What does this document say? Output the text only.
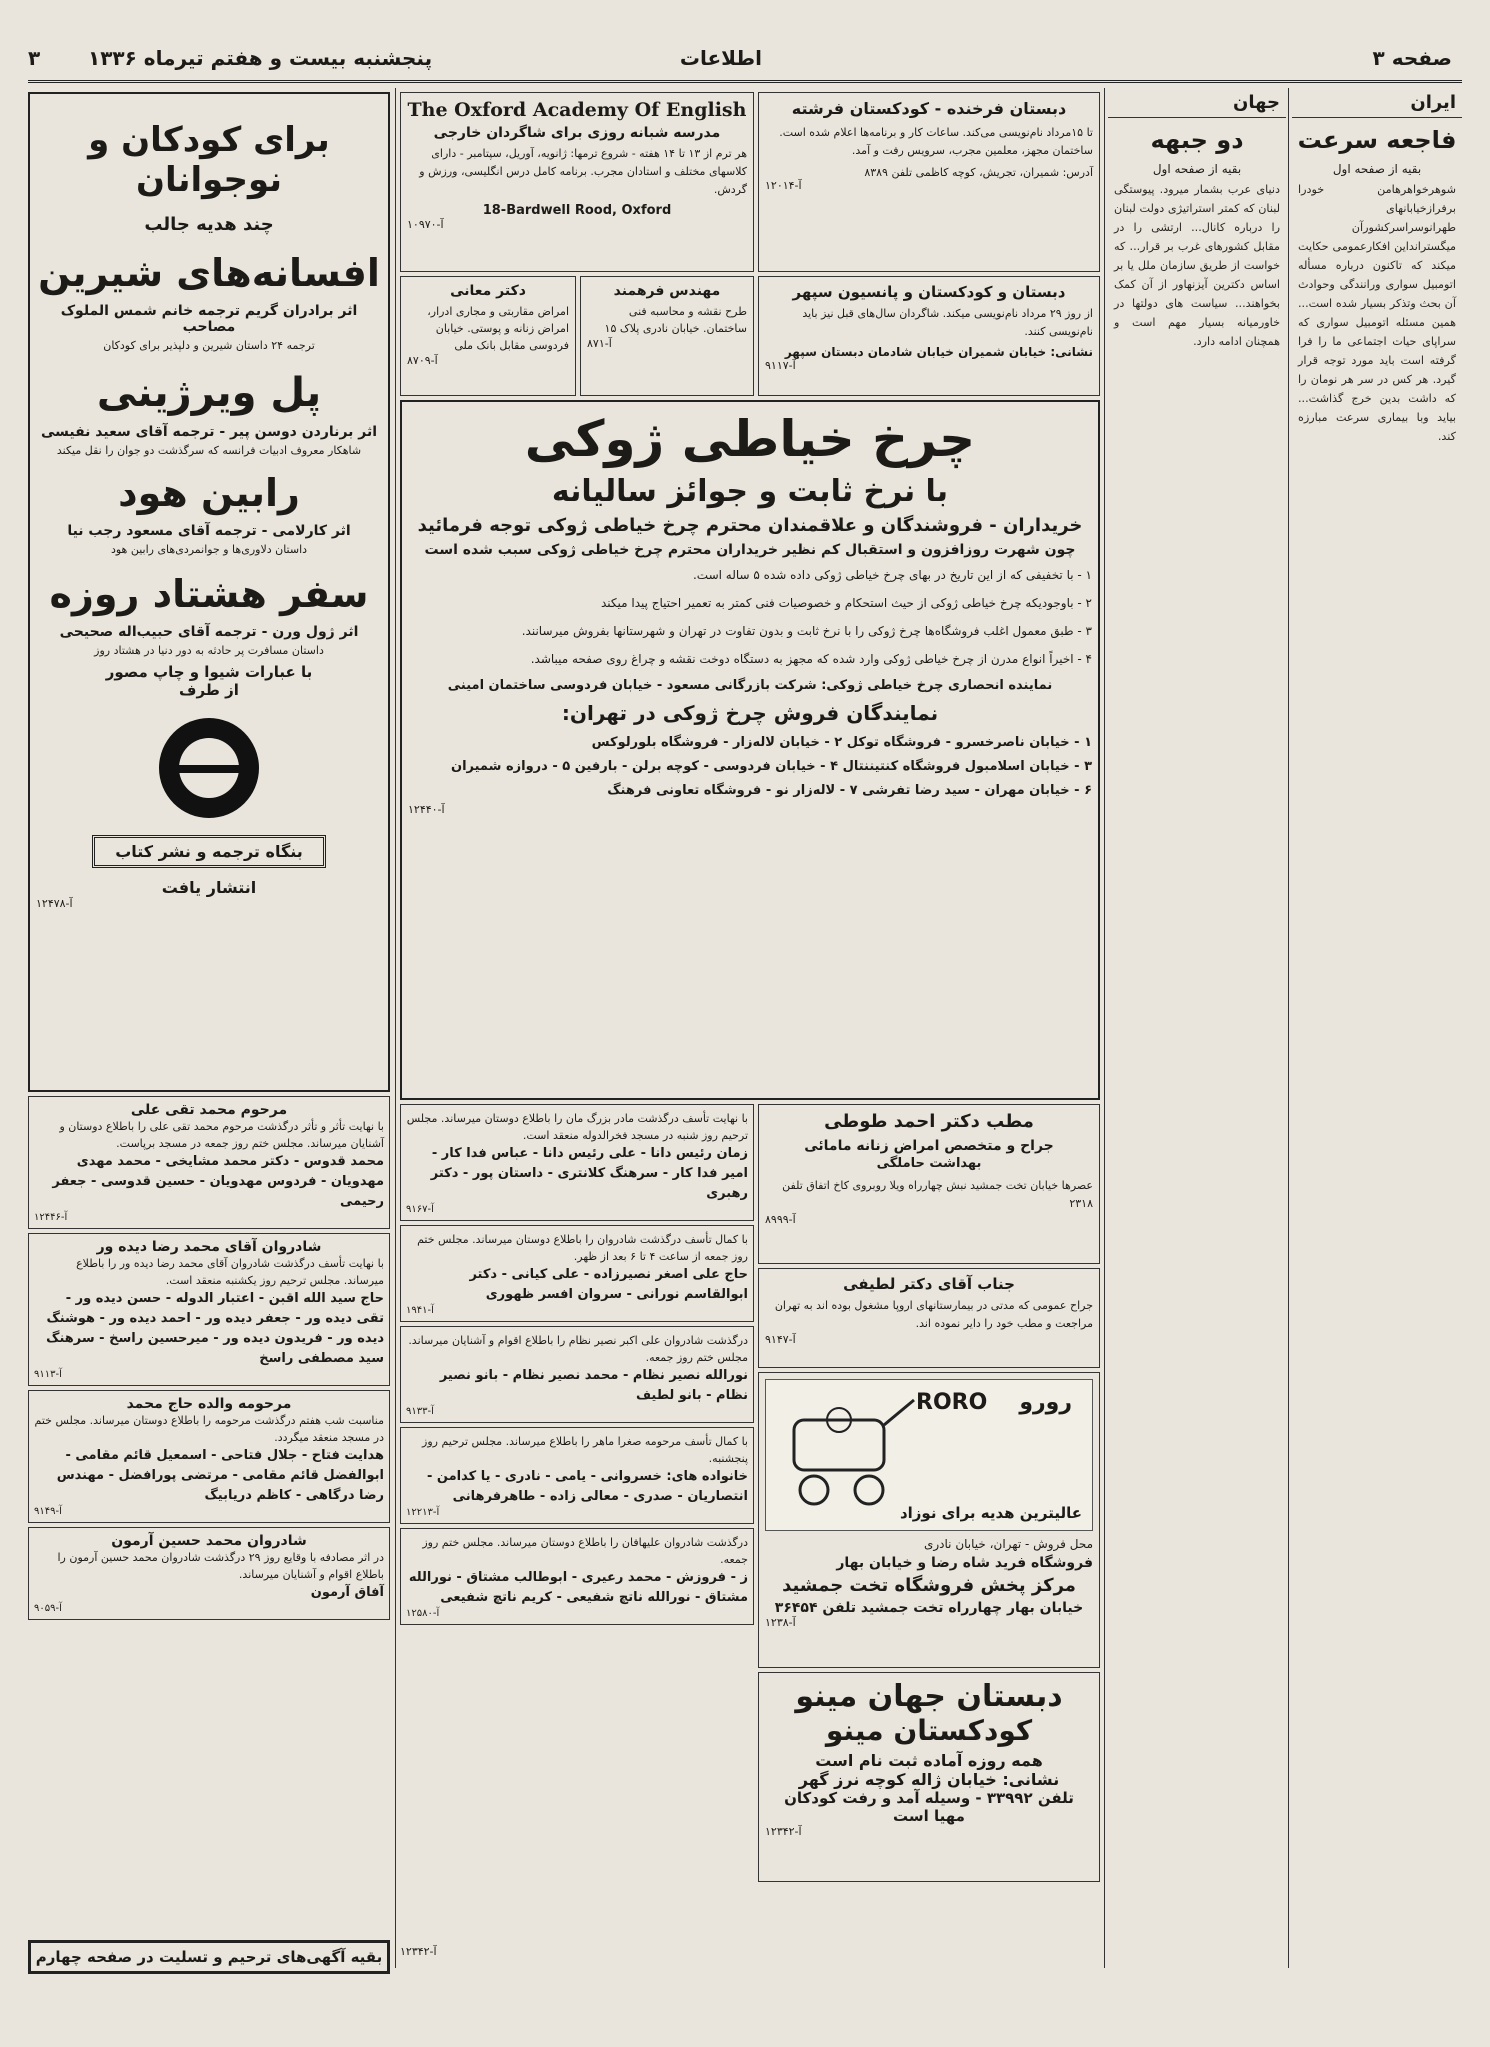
صفحه ۳
اطلاعات
پنجشنبه بیست و هفتم تیرماه ۱۳۳۶
۳
ایران
فاجعه سرعت
بقیه از صفحه اول
شوهرخواهرهامن خودرا برفرازخیابانهای طهرانوسراسرکشورآن میگسترانداین افکارعمومی حکایت میکند که تاکنون درباره مسأله اتومبیل سواری ورانندگی وحوادث آن بحث وتذکر بسیار شده است... همین مسئله اتومبیل سواری که سراپای حیات اجتماعی ما را فرا گرفته است باید مورد توجه قرار گیرد. هر کس در سر هر نومان را که داشت بدین خرج گذاشت... بیاید وبا بیماری سرعت مبارزه کند.
جهان
دو جبهه
بقیه از صفحه اول
دنیای عرب بشمار میرود. پیوستگی لبنان که کمتر استراتیژی دولت لبنان را درباره کانال... ارتشی را در مقابل کشورهای غرب بر قرار... که خواست از طریق سازمان ملل یا بر اساس دکترین آیزنهاور از آن کمک بخواهند... سیاست های دولتها در خاورمیانه بسیار مهم است و همچنان ادامه دارد.
دبستان فرخنده - کودکستان فرشته
تا ۱۵مرداد نام‌نویسی می‌کند. ساعات کار و برنامه‌ها اعلام شده است. ساختمان مجهز، معلمین مجرب، سرویس رفت و آمد.
آدرس: شمیران، تجریش، کوچه کاظمی تلفن ۸۳۸۹
آ-۱۲۰۱۴
دبستان و کودکستان و پانسیون سپهر
از روز ۲۹ مرداد نام‌نویسی میکند. شاگردان سال‌های قبل نیز باید نام‌نویسی کنند.
نشانی: خیابان شمیران خیابان شادمان دبستان سپهر
آ-۹۱۱۷
The Oxford Academy Of English
مدرسه شبانه روزی برای شاگردان خارجی
هر ترم از ۱۳ تا ۱۴ هفته - شروع ترمها: ژانویه، آوریل، سپتامبر - دارای کلاسهای مختلف و استادان مجرب. برنامه کامل درس انگلیسی، ورزش و گردش.
18-Bardwell Rood, Oxford
آ-۱۰۹۷۰
مهندس فرهمند
طرح نقشه و محاسبه فنی ساختمان. خیابان نادری پلاک ۱۵
آ-۸۷۱
دکتر معانی
امراض مقاربتی و مجاری ادرار، امراض زنانه و پوستی. خیابان فردوسی مقابل بانک ملی
آ-۸۷۰۹
چرخ خیاطی ژوکی
با نرخ ثابت و جوائز سالیانه
خریداران - فروشندگان و علاقمندان محترم چرخ خیاطی ژوکی توجه فرمائید
چون شهرت روزافزون و استقبال کم نظیر خریداران محترم چرخ خیاطی ژوکی سبب شده است
۱ - با تخفیفی که از این تاریخ در بهای چرخ خیاطی ژوکی داده شده ۵ ساله است.
۲ - باوجودیکه چرخ خیاطی ژوکی از حیث استحکام و خصوصیات فنی کمتر به تعمیر احتیاج پیدا میکند
۳ - طبق معمول اغلب فروشگاه‌ها چرخ ژوکی را با نرخ ثابت و بدون تفاوت در تهران و شهرستانها بفروش میرسانند.
۴ - اخیراً انواع مدرن از چرخ خیاطی ژوکی وارد شده که مجهز به دستگاه دوخت نقشه و چراغ روی صفحه میباشد.
نماینده انحصاری چرخ خیاطی ژوکی: شرکت بازرگانی مسعود - خیابان فردوسی ساختمان امینی
نمایندگان فروش چرخ ژوکی در تهران:
۱ - خیابان ناصرخسرو - فروشگاه توکل ۲ - خیابان لاله‌زار - فروشگاه بلورلوکس
۳ - خیابان اسلامبول فروشگاه کنتیننتال ۴ - خیابان فردوسی - کوچه برلن - بارفین ۵ - دروازه شمیران
۶ - خیابان مهران - سید رضا تفرشی ۷ - لاله‌زار نو - فروشگاه تعاونی فرهنگ
آ-۱۲۴۴۰
مطب دکتر احمد طوطی
جراح و متخصص امراض زنانه مامائی
بهداشت حاملگی
عصرها خیابان تخت جمشید نبش چهارراه ویلا روبروی کاخ اتفاق تلفن ۲۳۱۸
آ-۸۹۹۹
جناب آقای دکتر لطیفی
جراح عمومی که مدتی در بیمارستانهای اروپا مشغول بوده اند به تهران مراجعت و مطب خود را دایر نموده اند.
آ-۹۱۴۷
RORO رورو
عالیترین هدیه برای نوزاد
محل فروش - تهران، خیابان نادری
فروشگاه فرید شاه رضا و خیابان بهار
مرکز پخش فروشگاه تخت جمشید
خیابان بهار چهارراه تخت جمشید تلفن ۳۶۴۵۴
آ-۱۲۳۸
دبستان جهان مینو
کودکستان مینو
همه روزه آماده ثبت نام است
نشانی: خیابان ژاله کوچه نرز گهر
تلفن ۳۳۹۹۲ - وسیله آمد و رفت کودکان
مهیا است
آ-۱۲۳۴۲
با نهایت تأسف درگذشت مادر بزرگ مان را باطلاع دوستان میرساند. مجلس ترحیم روز شنبه در مسجد فخرالدوله منعقد است.
زمان رئیس دانا - علی رئیس دانا - عباس فدا کار - امیر فدا کار - سرهنگ کلانتری - داستان پور - دکتر رهبری
آ-۹۱۶۷
با کمال تأسف درگذشت شادروان را باطلاع دوستان میرساند. مجلس ختم روز جمعه از ساعت ۴ تا ۶ بعد از ظهر.
حاج علی اصغر نصیرزاده - علی کیانی - دکتر ابوالقاسم نورانی - سروان افسر ظهوری
آ-۱۹۴۱
درگذشت شادروان علی اکبر نصیر نظام را باطلاع اقوام و آشنایان میرساند. مجلس ختم روز جمعه.
نورالله نصیر نظام - محمد نصیر نظام - بانو نصیر نظام - بانو لطیف
آ-۹۱۳۳
با کمال تأسف مرحومه صغرا ماهر را باطلاع میرساند. مجلس ترحیم روز پنجشنبه.
خانواده های: خسروانی - یامی - نادری - یا کدامن - انتصاریان - صدری - معالی زاده - طاهرفرهانی
آ-۱۲۲۱۳
درگذشت شادروان علیهافان را باطلاع دوستان میرساند. مجلس ختم روز جمعه.
ز - فروزش - محمد رعیری - ابوطالب مشتاق - نورالله مشتاق - نورالله ناتچ شفیعی - کریم ناتچ شفیعی
آ-۱۲۵۸۰
برای کودکان و نوجوانان
چند هدیه جالب
افسانه‌های شیرین
اثر برادران گریم ترجمه خانم شمس الملوک مصاحب
ترجمه ۲۴ داستان شیرین و دلپذیر برای کودکان
پل ویرژینی
اثر برناردن دوسن پیر - ترجمه آقای سعید نفیسی
شاهکار معروف ادبیات فرانسه که سرگذشت دو جوان را نقل میکند
رابین هود
اثر کارلامی - ترجمه آقای مسعود رجب نیا
داستان دلاوری‌ها و جوانمردی‌های رابین هود
سفر هشتاد روزه
اثر ژول ورن - ترجمه آقای حبیب‌اله صحیحی
داستان مسافرت پر حادثه به دور دنیا در هشتاد روز
با عبارات شیوا و چاپ مصور
از طرف
بنگاه ترجمه و نشر کتاب
انتشار یافت
آ-۱۲۴۷۸
مرحوم محمد تقی علی
با نهایت تأثر و تأثر درگذشت مرحوم محمد تقی علی را باطلاع دوستان و آشنایان میرساند. مجلس ختم روز جمعه در مسجد برپاست.
محمد قدوس - دکتر محمد مشایخی - محمد مهدی مهدویان - فردوس مهدویان - حسین قدوسی - جعفر رحیمی
آ-۱۲۴۴۶
شادروان آقای محمد رضا دیده ور
با نهایت تأسف درگذشت شادروان آقای محمد رضا دیده ور را باطلاع میرساند. مجلس ترحیم روز یکشنبه منعقد است.
حاج سید الله اقبن - اعتبار الدوله - حسن دیده ور - تقی دیده ور - جعفر دیده ور - احمد دیده ور - هوشنگ دیده ور - فریدون دیده ور - میرحسین راسخ - سرهنگ سید مصطفی راسخ
آ-۹۱۱۳
مرحومه والده حاج محمد
مناسبت شب هفتم درگذشت مرحومه را باطلاع دوستان میرساند. مجلس ختم در مسجد منعقد میگردد.
هدایت فتاح - جلال فتاحی - اسمعیل قائم مقامی - ابوالفضل قائم مقامی - مرتضی پورافضل - مهندس رضا درگاهی - کاظم دریابیگ
آ-۹۱۴۹
شادروان محمد حسین آرمون
در اثر مصادفه با وقایع روز ۲۹ درگذشت شادروان محمد حسین آرمون را باطلاع اقوام و آشنایان میرساند.
آفاق آرمون
آ-۹۰۵۹
بقیه آگهی‌های ترحیم و تسلیت در صفحه چهارم	آ-۱۲۳۴۲
